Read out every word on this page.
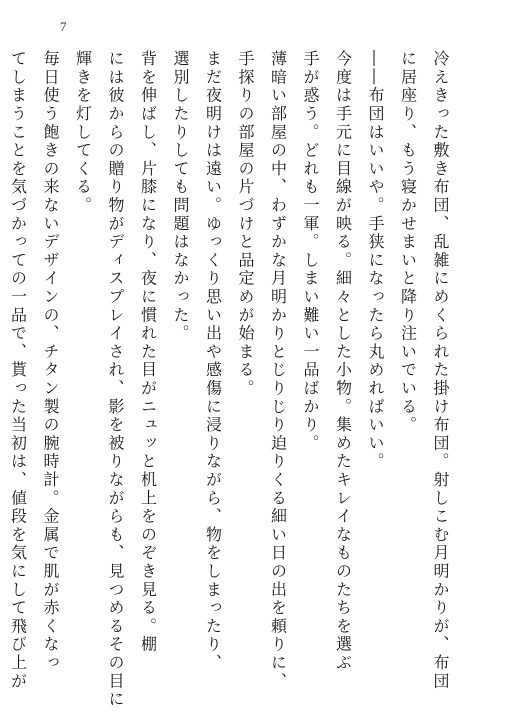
7
冷えきった敷き布団、乱雑にめくられた掛け布団。射しこむ月明かりが、布団
に居座り、もう寝かせまいと降り注いでいる。
――布団はいいや。手狭になったら丸めればいい。
今度は手元に目線が映る。細々とした小物。集めたキレイなものたちを選ぶ
手が惑う。どれも一軍。しまい難い一品ばかり。
薄暗い部屋の中、わずかな月明かりとじりじり迫りくる細い日の出を頼りに、
手探りの部屋の片づけと品定めが始まる。
まだ夜明けは遠い。ゆっくり思い出や感傷に浸りながら、物をしまったり、
選別したりしても問題はなかった。
背を伸ばし、片膝になり、夜に慣れた目がニュッと机上をのぞき見る。棚
には彼からの贈り物がディスプレイされ、影を被りながらも、見つめるその目に
輝きを灯してくる。
毎日使う飽きの来ないデザインの、チタン製の腕時計。金属で肌が赤くなっ
てしまうことを気づかっての一品で、貰った当初は、値段を気にして飛び上が
